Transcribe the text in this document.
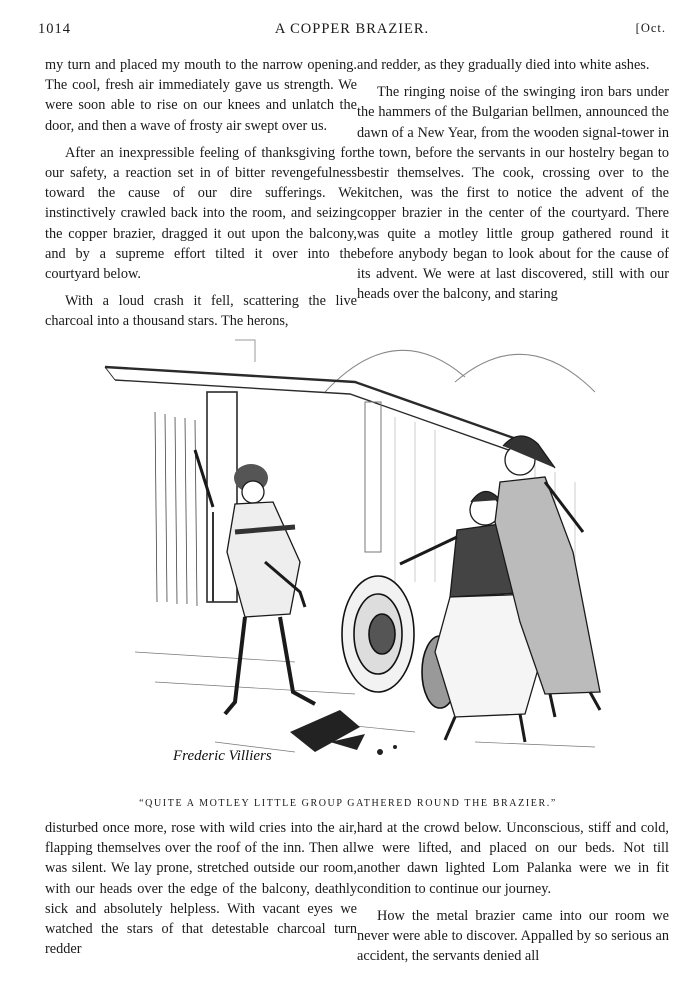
1014	A COPPER BRAZIER.	[Oct.

my turn and placed my mouth to the narrow opening. The cool, fresh air immediately gave us strength. We were soon able to rise on our knees and unlatch the door, and then a wave of frosty air swept over us.

After an inexpressible feeling of thanksgiving for our safety, a reaction set in of bitter revengefulness toward the cause of our dire sufferings. We instinctively crawled back into the room, and seizing the copper brazier, dragged it out upon the balcony, and by a supreme effort tilted it over into the courtyard below.

With a loud crash it fell, scattering the live charcoal into a thousand stars. The herons,

and redder, as they gradually died into white ashes.

The ringing noise of the swinging iron bars under the hammers of the Bulgarian bellmen, announced the dawn of a New Year, from the wooden signal-tower in the town, before the servants in our hostelry began to bestir themselves. The cook, crossing over to the kitchen, was the first to notice the advent of the copper brazier in the center of the courtyard. There was quite a motley little group gathered round it before anybody began to look about for the cause of its advent. We were at last discovered, still with our heads over the balcony, and staring

Frederic Villiers
“QUITE A MOTLEY LITTLE GROUP GATHERED ROUND THE BRAZIER.”

disturbed once more, rose with wild cries into the air, flapping themselves over the roof of the inn. Then all was silent. We lay prone, stretched outside our room, with our heads over the edge of the balcony, deathly sick and absolutely helpless. With vacant eyes we watched the stars of that detestable charcoal turn redder

hard at the crowd below. Unconscious, stiff and cold, we were lifted, and placed on our beds. Not till another dawn lighted Lom Palanka were we in fit condition to continue our journey.

How the metal brazier came into our room we never were able to discover. Appalled by so serious an accident, the servants denied all
